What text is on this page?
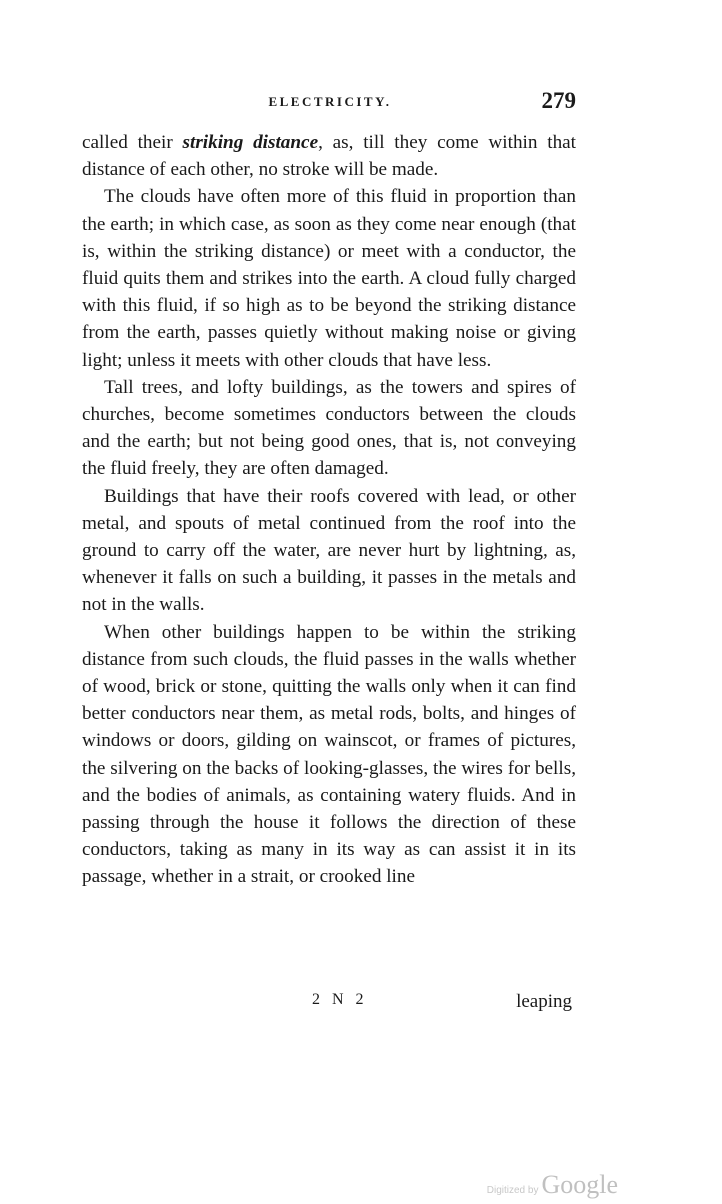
ELECTRICITY.	279

called their striking distance, as, till they come within that distance of each other, no stroke will be made.

The clouds have often more of this fluid in proportion than the earth; in which case, as soon as they come near enough (that is, within the striking distance) or meet with a conductor, the fluid quits them and strikes into the earth. A cloud fully charged with this fluid, if so high as to be beyond the striking distance from the earth, passes quietly without making noise or giving light; unless it meets with other clouds that have less.

Tall trees, and lofty buildings, as the towers and spires of churches, become sometimes conductors between the clouds and the earth; but not being good ones, that is, not conveying the fluid freely, they are often damaged.

Buildings that have their roofs covered with lead, or other metal, and spouts of metal continued from the roof into the ground to carry off the water, are never hurt by lightning, as, whenever it falls on such a building, it passes in the metals and not in the walls.

When other buildings happen to be within the striking distance from such clouds, the fluid passes in the walls whether of wood, brick or stone, quitting the walls only when it can find better conductors near them, as metal rods, bolts, and hinges of windows or doors, gilding on wainscot, or frames of pictures, the silvering on the backs of looking-glasses, the wires for bells, and the bodies of animals, as containing watery fluids. And in passing through the house it follows the direction of these conductors, taking as many in its way as can assist it in its passage, whether in a strait, or crooked line

2 N 2	leaping
Digitized by Google
